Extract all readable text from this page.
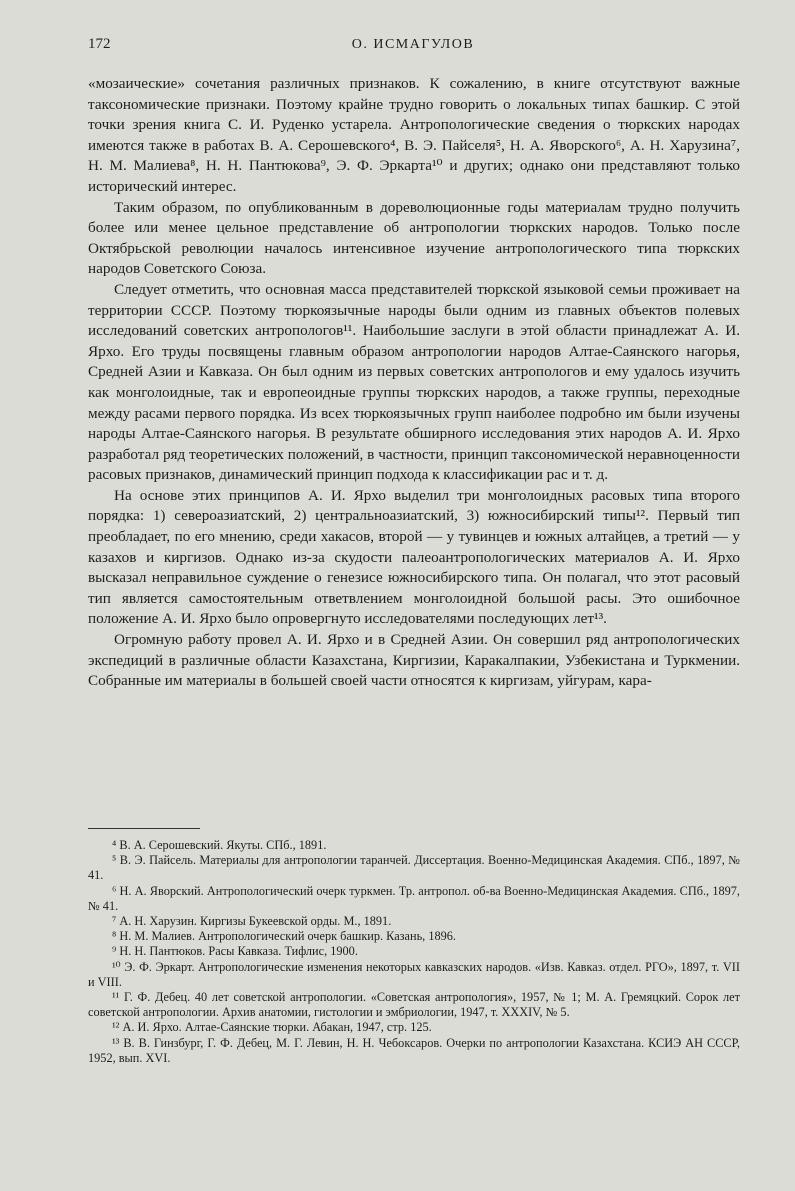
172	О. ИСМАГУЛОВ

«мозаические» сочетания различных признаков. К сожалению, в книге отсутствуют важные таксономические признаки. Поэтому крайне трудно говорить о локальных типах башкир. С этой точки зрения книга С. И. Руденко устарела. Антропологические сведения о тюркских народах имеются также в работах В. А. Серошевского⁴, В. Э. Пайселя⁵, Н. А. Яворского⁶, А. Н. Харузина⁷, Н. М. Малиева⁸, Н. Н. Пантюкова⁹, Э. Ф. Эркарта¹⁰ и других; однако они представляют только исторический интерес.

Таким образом, по опубликованным в дореволюционные годы материалам трудно получить более или менее цельное представление об антропологии тюркских народов. Только после Октябрьской революции началось интенсивное изучение антропологического типа тюркских народов Советского Союза.

Следует отметить, что основная масса представителей тюркской языковой семьи проживает на территории СССР. Поэтому тюркоязычные народы были одним из главных объектов полевых исследований советских антропологов¹¹. Наибольшие заслуги в этой области принадлежат А. И. Ярхо. Его труды посвящены главным образом антропологии народов Алтае-Саянского нагорья, Средней Азии и Кавказа. Он был одним из первых советских антропологов и ему удалось изучить как монголоидные, так и европеоидные группы тюркских народов, а также группы, переходные между расами первого порядка. Из всех тюркоязычных групп наиболее подробно им были изучены народы Алтае-Саянского нагорья. В результате обширного исследования этих народов А. И. Ярхо разработал ряд теоретических положений, в частности, принцип таксономической неравноценности расовых признаков, динамический принцип подхода к классификации рас и т. д.

На основе этих принципов А. И. Ярхо выделил три монголоидных расовых типа второго порядка: 1) североазиатский, 2) центральноазиатский, 3) южносибирский типы¹². Первый тип преобладает, по его мнению, среди хакасов, второй — у тувинцев и южных алтайцев, а третий — у казахов и киргизов. Однако из-за скудости палеоантропологических материалов А. И. Ярхо высказал неправильное суждение о генезисе южносибирского типа. Он полагал, что этот расовый тип является самостоятельным ответвлением монголоидной большой расы. Это ошибочное положение А. И. Ярхо было опровергнуто исследователями последующих лет¹³.

Огромную работу провел А. И. Ярхо и в Средней Азии. Он совершил ряд антропологических экспедиций в различные области Казахстана, Киргизии, Каракалпакии, Узбекистана и Туркмении. Собранные им материалы в большей своей части относятся к киргизам, уйгурам, кара-

⁴ В. А. Серошевский. Якуты. СПб., 1891.

⁵ В. Э. Пайсель. Материалы для антропологии таранчей. Диссертация. Военно-Медицинская Академия. СПб., 1897, № 41.

⁶ Н. А. Яворский. Антропологический очерк туркмен. Тр. антропол. об-ва Военно-Медицинская Академия. СПб., 1897, № 41.

⁷ А. Н. Харузин. Киргизы Букеевской орды. М., 1891.

⁸ Н. М. Малиев. Антропологический очерк башкир. Казань, 1896.

⁹ Н. Н. Пантюков. Расы Кавказа. Тифлис, 1900.

¹⁰ Э. Ф. Эркарт. Антропологические изменения некоторых кавказских народов. «Изв. Кавказ. отдел. РГО», 1897, т. VII и VIII.

¹¹ Г. Ф. Дебец. 40 лет советской антропологии. «Советская антропология», 1957, № 1; М. А. Гремяцкий. Сорок лет советской антропологии. Архив анатомии, гистологии и эмбриологии, 1947, т. XXXIV, № 5.

¹² А. И. Ярхо. Алтае-Саянские тюрки. Абакан, 1947, стр. 125.

¹³ В. В. Гинзбург, Г. Ф. Дебец, М. Г. Левин, Н. Н. Чебоксаров. Очерки по антропологии Казахстана. КСИЭ АН СССР, 1952, вып. XVI.
